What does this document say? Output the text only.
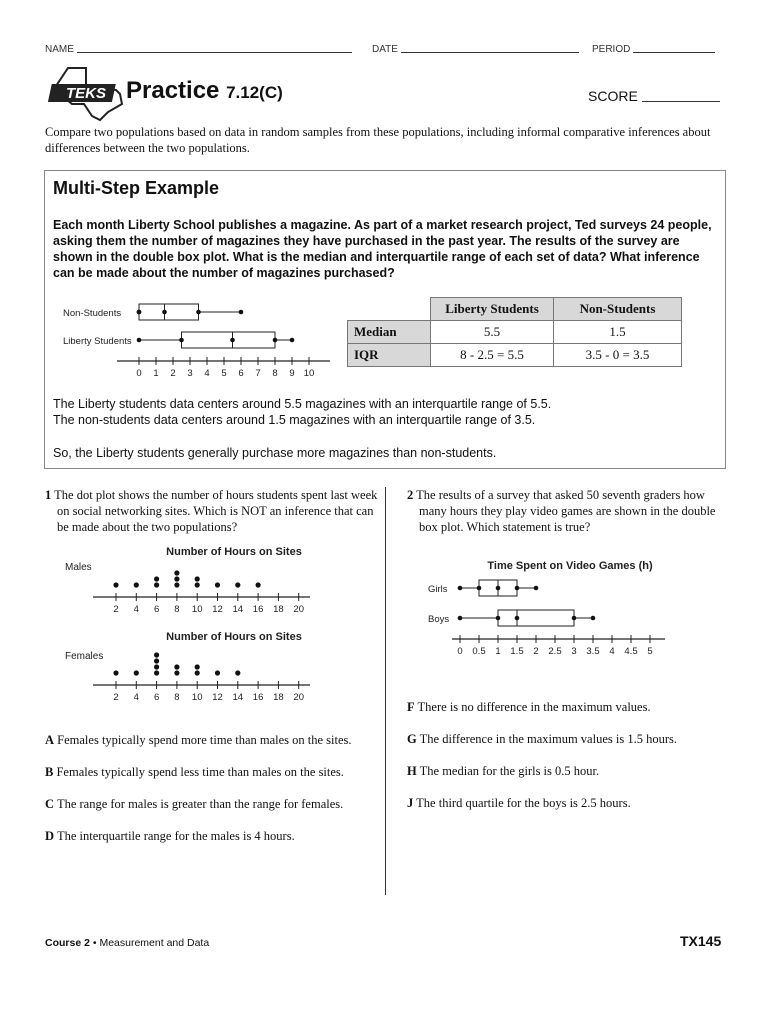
NAME	DATE	PERIOD
TEKS Practice 7.12(C)	SCORE
Compare two populations based on data in random samples from these populations, including informal comparative inferences about differences between the two populations.
Multi-Step Example
Each month Liberty School publishes a magazine. As part of a market research project, Ted surveys 24 people, asking them the number of magazines they have purchased in the past year. The results of the survey are shown in the double box plot. What is the median and interquartile range of each set of data? What inference can be made about the number of magazines purchased?
Non-Students
Liberty Students
0 1 2 3 4 5 6 7 8 9 10
	Liberty Students	Non-Students
Median	5.5	1.5
IQR	8 - 2.5 = 5.5	3.5 - 0 = 3.5
The Liberty students data centers around 5.5 magazines with an interquartile range of 5.5.
The non-students data centers around 1.5 magazines with an interquartile range of 3.5.
So, the Liberty students generally purchase more magazines than non-students.
1 The dot plot shows the number of hours students spent last week on social networking sites. Which is NOT an inference that can be made about the two populations?
Number of Hours on Sites
Males
2 4 6 8 10 12 14 16 18 20
Number of Hours on Sites
Females
2 4 6 8 10 12 14 16 18 20
A Females typically spend more time than males on the sites.
B Females typically spend less time than males on the sites.
C The range for males is greater than the range for females.
D The interquartile range for the males is 4 hours.
2 The results of a survey that asked 50 seventh graders how many hours they play video games are shown in the double box plot. Which statement is true?
Time Spent on Video Games (h)
Girls
Boys
0 0.5 1 1.5 2 2.5 3 3.5 4 4.5 5
F There is no difference in the maximum values.
G The difference in the maximum values is 1.5 hours.
H The median for the girls is 0.5 hour.
J The third quartile for the boys is 2.5 hours.
Course 2 • Measurement and Data	TX145
